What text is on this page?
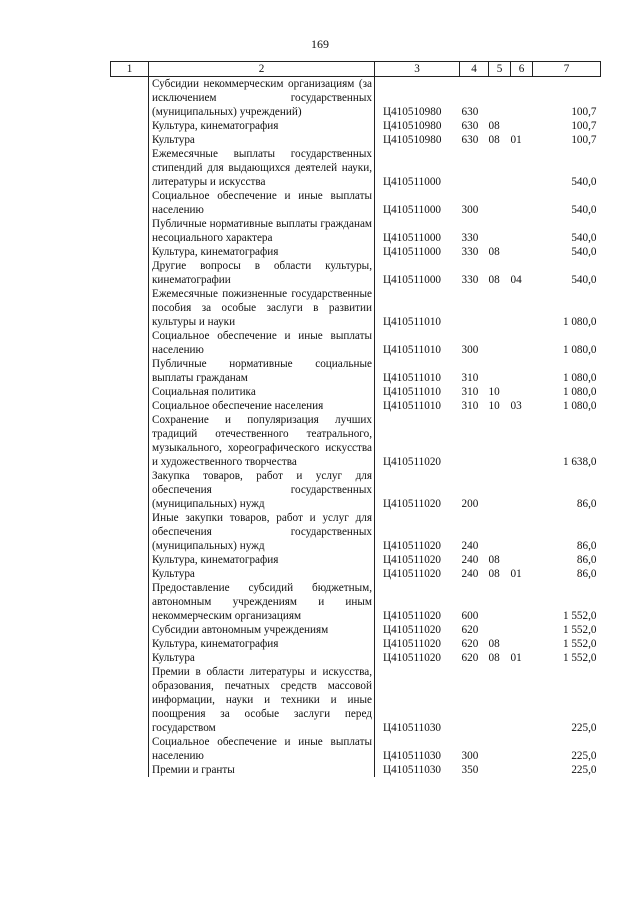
169
1	2	3	4	5	6	7
	Субсидии некоммерческим организациям (за исключением государственных (муниципальных) учреждений)	Ц410510980	630			100,7
	Культура, кинематография	Ц410510980	630	08		100,7
	Культура	Ц410510980	630	08	01	100,7
	Ежемесячные выплаты государственных стипендий для выдающихся деятелей науки, литературы и искусства	Ц410511000				540,0
	Социальное обеспечение и иные выплаты населению	Ц410511000	300			540,0
	Публичные нормативные выплаты гражданам несоциального характера	Ц410511000	330			540,0
	Культура, кинематография	Ц410511000	330	08		540,0
	Другие вопросы в области культуры, кинематографии	Ц410511000	330	08	04	540,0
	Ежемесячные пожизненные государственные пособия за особые заслуги в развитии культуры и науки	Ц410511010				1 080,0
	Социальное обеспечение и иные выплаты населению	Ц410511010	300			1 080,0
	Публичные нормативные социальные выплаты гражданам	Ц410511010	310			1 080,0
	Социальная политика	Ц410511010	310	10		1 080,0
	Социальное обеспечение населения	Ц410511010	310	10	03	1 080,0
	Сохранение и популяризация лучших традиций отечественного театрального, музыкального, хореографического искусства и художественного творчества	Ц410511020				1 638,0
	Закупка товаров, работ и услуг для обеспечения государственных (муниципальных) нужд	Ц410511020	200			86,0
	Иные закупки товаров, работ и услуг для обеспечения государственных (муниципальных) нужд	Ц410511020	240			86,0
	Культура, кинематография	Ц410511020	240	08		86,0
	Культура	Ц410511020	240	08	01	86,0
	Предоставление субсидий бюджетным, автономным учреждениям и иным некоммерческим организациям	Ц410511020	600			1 552,0
	Субсидии автономным учреждениям	Ц410511020	620			1 552,0
	Культура, кинематография	Ц410511020	620	08		1 552,0
	Культура	Ц410511020	620	08	01	1 552,0
	Премии в области литературы и искусства, образования, печатных средств массовой информации, науки и техники и иные поощрения за особые заслуги перед государством	Ц410511030				225,0
	Социальное обеспечение и иные выплаты населению	Ц410511030	300			225,0
	Премии и гранты	Ц410511030	350			225,0
